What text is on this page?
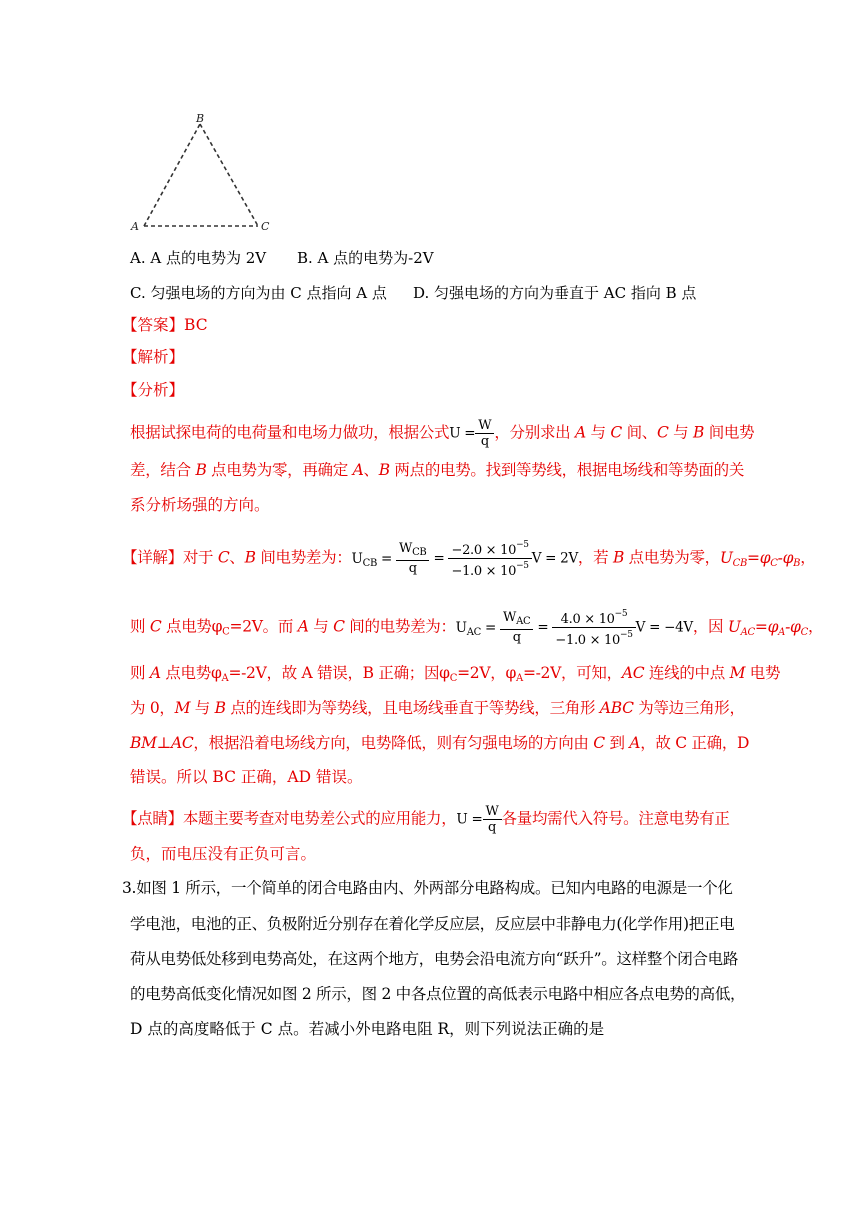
B
A	C
A. A 点的电势为 2V B. A 点的电势为-2V
C. 匀强电场的方向为由 C 点指向 A 点 D. 匀强电场的方向为垂直于 AC 指向 B 点
【答案】BC
【解析】
【分析】
根据试探电荷的电荷量和电场力做功，根据公式$U = \frac{W}{q}$ ，分别求出 A 与 C 间、C 与 B 间电势
差，结合 B 点电势为零，再确定 A、B 两点的电势。找到等势线，根据电场线和等势面的关
系分析场强的方向。
【详解】对于 C、B 间电势差为：$U_{CB} = \frac{W_{CB}}{q} = \frac{-2.0 \times 10^{-5}}{-1.0 \times 10^{-5}}$ V = 2V，若 B 点电势为零，$U_{CB}=\varphi_C-\varphi_B$，
则 C 点电势$\varphi_C=2V$。而 A 与 C 间的电势差为：$U_{AC} = \frac{W_{AC}}{q} = \frac{4.0 \times 10^{-5}}{-1.0 \times 10^{-5}}$ V = −4V，因 $U_{AC}=\varphi_A-\varphi_C$，
则 A 点电势$\varphi_A=-2V$，故 A 错误，B 正确；因$\varphi_C=2V$，$\varphi_A=-2V$，可知，AC 连线的中点 M 电势
为 0，M 与 B 点的连线即为等势线，且电场线垂直于等势线，三角形 ABC 为等边三角形，
BM⊥AC，根据沿着电场线方向，电势降低，则有匀强电场的方向由 C 到 A，故 C 正确，D
错误。所以 BC 正确，AD 错误。
【点睛】本题主要考查对电势差公式的应用能力，$U = \frac{W}{q}$ 各量均需代入符号。注意电势有正
负，而电压没有正负可言。
3.如图 1 所示，一个简单的闭合电路由内、外两部分电路构成。已知内电路的电源是一个化
学电池，电池的正、负极附近分别存在着化学反应层，反应层中非静电力(化学作用)把正电
荷从电势低处移到电势高处，在这两个地方，电势会沿电流方向“跃升”。这样整个闭合电路
的电势高低变化情况如图 2 所示，图 2 中各点位置的高低表示电路中相应各点电势的高低，
D 点的高度略低于 C 点。若减小外电路电阻 R，则下列说法正确的是
